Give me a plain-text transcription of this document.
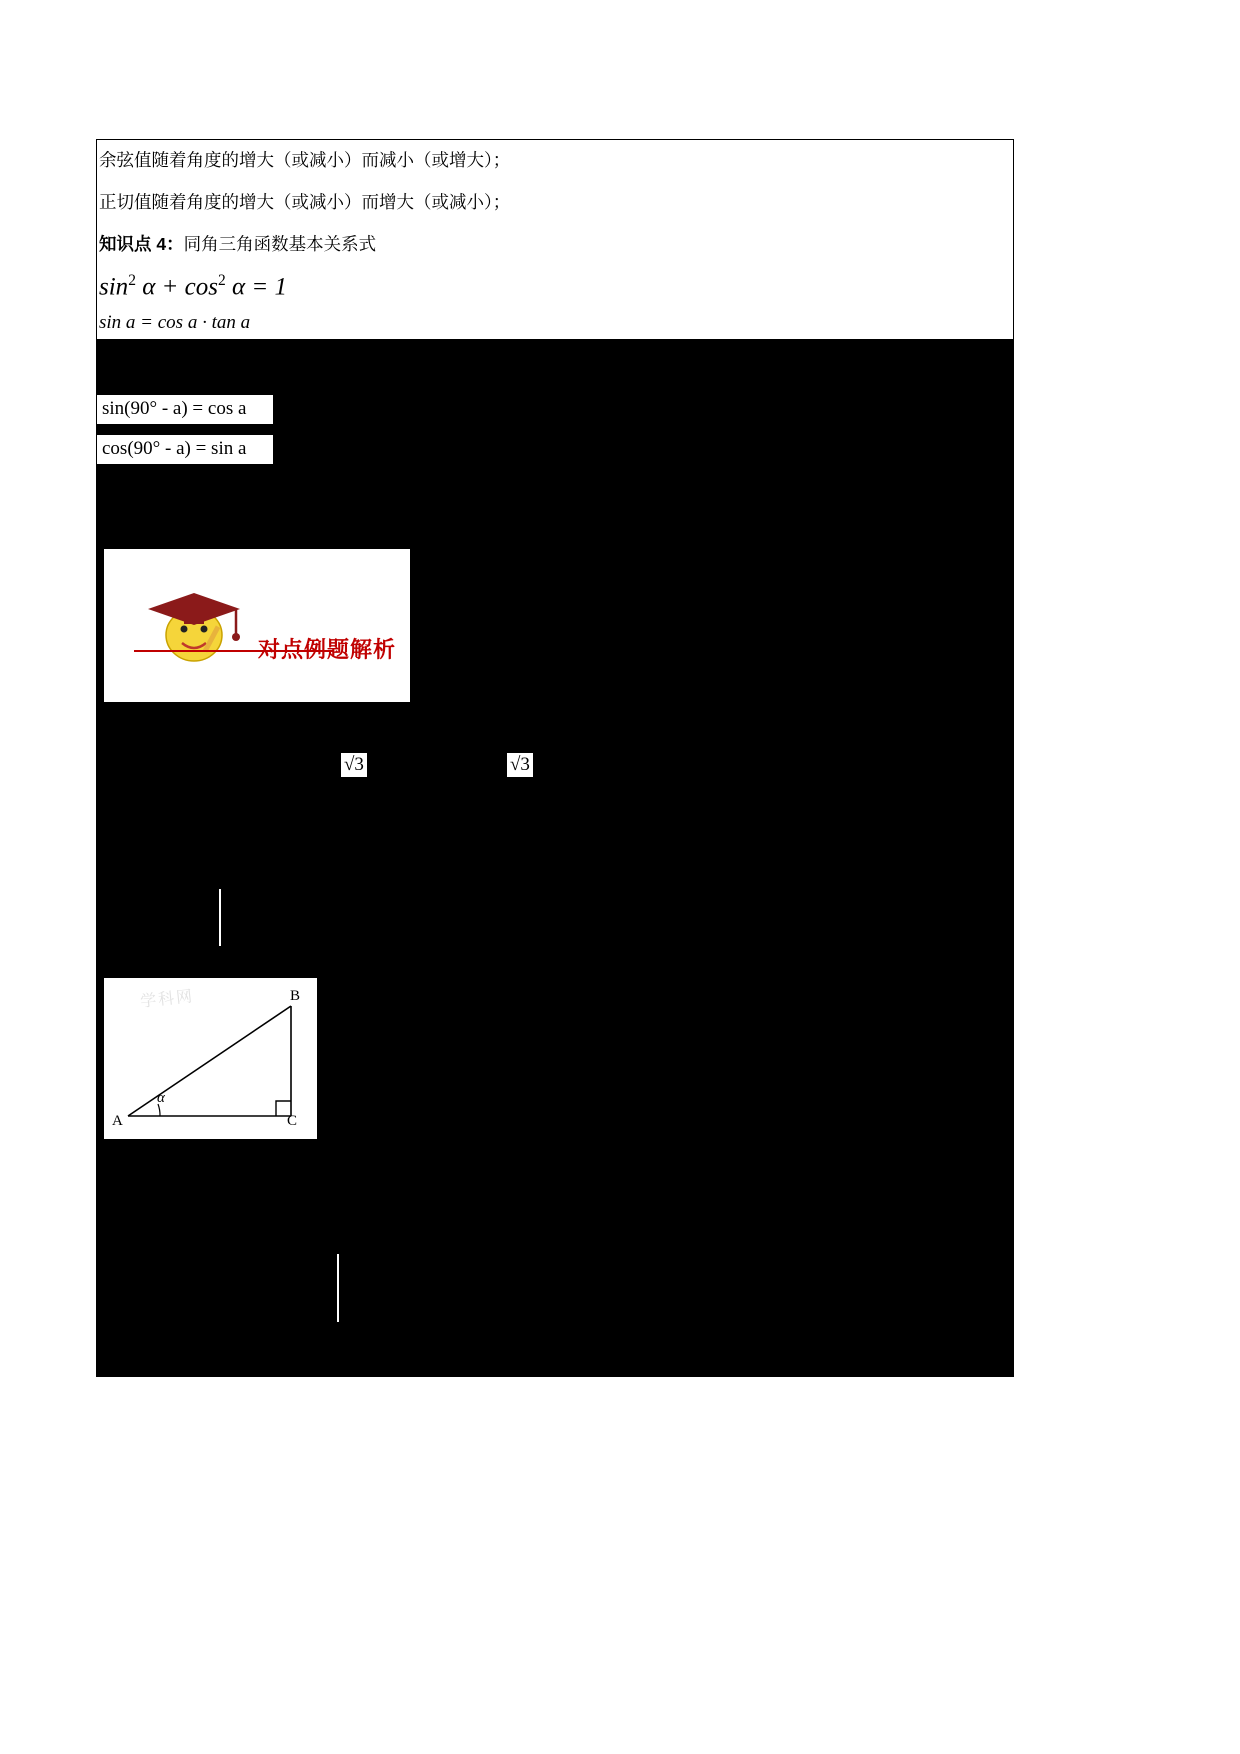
余弦值随着角度的增大（或减小）而减小（或增大）；
正切值随着角度的增大（或减小）而增大（或减小）；
知识点 4：同角三角函数基本关系式
$\sin^2 \alpha + \cos^2 \alpha = 1$
sin a = cos a · tan a
sin(90° - a) = cos a
cos(90° - a) = sin a
对点例题解析
√3	√3
学科网	B
A	C
α
